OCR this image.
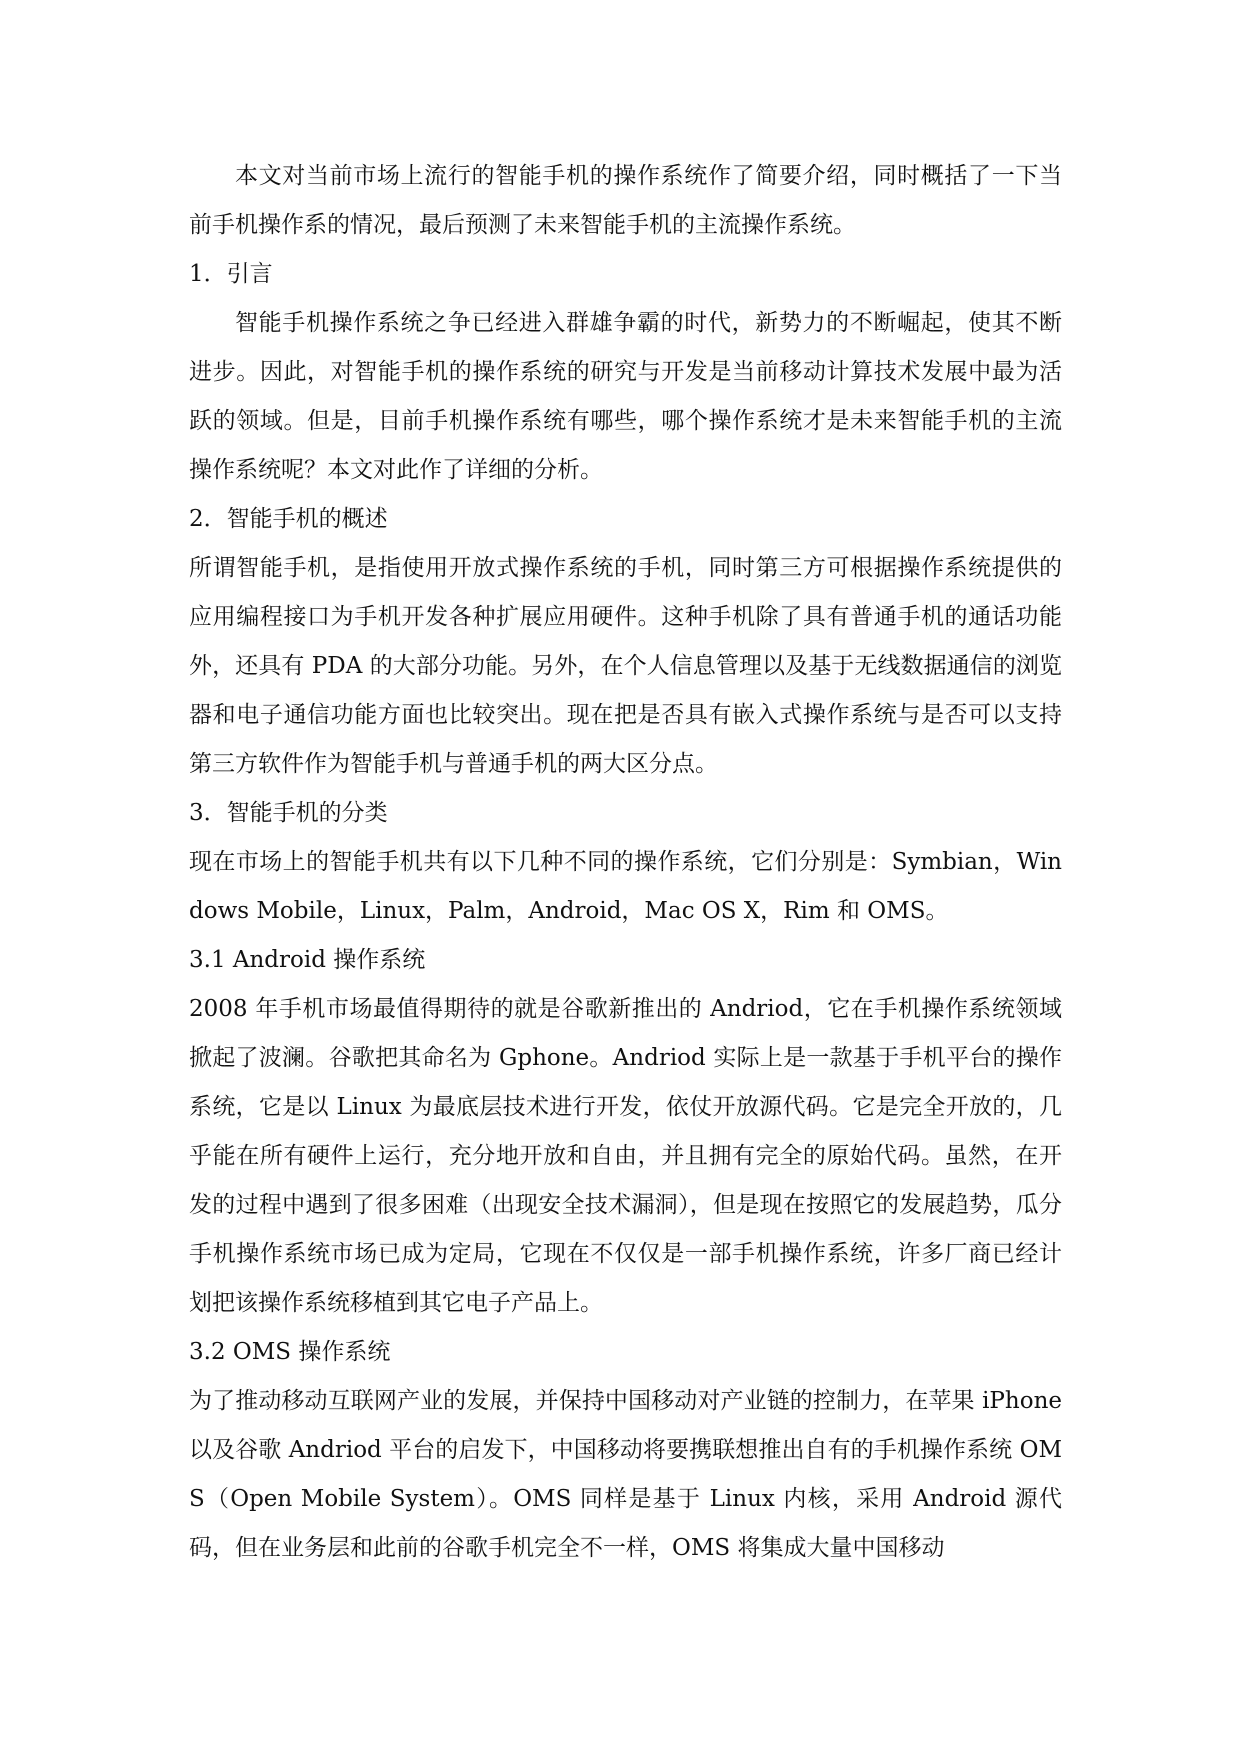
本文对当前市场上流行的智能手机的操作系统作了简要介绍，同时概括了一下当前手机操作系的情况，最后预测了未来智能手机的主流操作系统。

1．引言

智能手机操作系统之争已经进入群雄争霸的时代，新势力的不断崛起，使其不断进步。因此，对智能手机的操作系统的研究与开发是当前移动计算技术发展中最为活跃的领域。但是，目前手机操作系统有哪些，哪个操作系统才是未来智能手机的主流操作系统呢？本文对此作了详细的分析。

2．智能手机的概述

所谓智能手机，是指使用开放式操作系统的手机，同时第三方可根据操作系统提供的应用编程接口为手机开发各种扩展应用硬件。这种手机除了具有普通手机的通话功能外，还具有 PDA 的大部分功能。另外，在个人信息管理以及基于无线数据通信的浏览器和电子通信功能方面也比较突出。现在把是否具有嵌入式操作系统与是否可以支持第三方软件作为智能手机与普通手机的两大区分点。

3．智能手机的分类

现在市场上的智能手机共有以下几种不同的操作系统，它们分别是：Symbian，Windows Mobile，Linux，Palm，Android，Mac OS X，Rim 和 OMS。

3.1 Android 操作系统

2008 年手机市场最值得期待的就是谷歌新推出的 Andriod，它在手机操作系统领域掀起了波澜。谷歌把其命名为 Gphone。Andriod 实际上是一款基于手机平台的操作系统，它是以 Linux 为最底层技术进行开发，依仗开放源代码。它是完全开放的，几乎能在所有硬件上运行，充分地开放和自由，并且拥有完全的原始代码。虽然，在开发的过程中遇到了很多困难（出现安全技术漏洞），但是现在按照它的发展趋势，瓜分手机操作系统市场已成为定局，它现在不仅仅是一部手机操作系统，许多厂商已经计划把该操作系统移植到其它电子产品上。

3.2 OMS 操作系统

为了推动移动互联网产业的发展，并保持中国移动对产业链的控制力，在苹果 iPhone 以及谷歌 Andriod 平台的启发下，中国移动将要携联想推出自有的手机操作系统 OMS（Open Mobile System）。OMS 同样是基于 Linux 内核，采用 Android 源代码，但在业务层和此前的谷歌手机完全不一样，OMS 将集成大量中国移动
